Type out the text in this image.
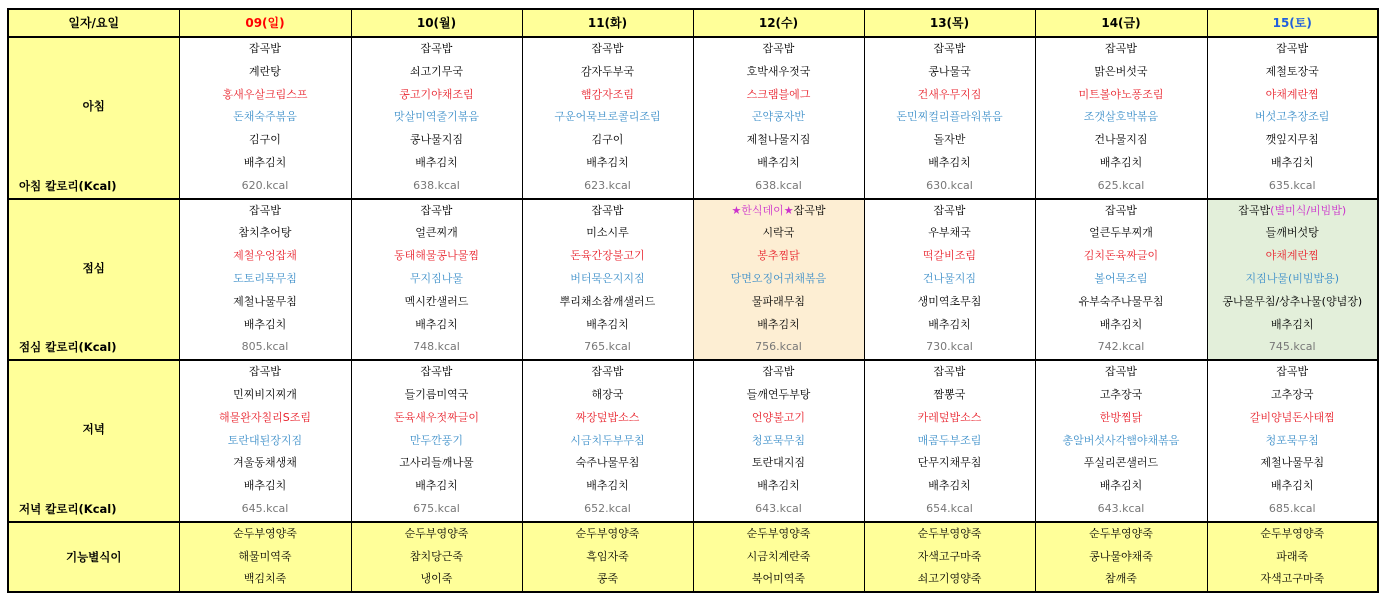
일자/요일	09(일)	10(월)	11(화)	12(수)	13(목)	14(금)	15(토)
아침	잡곡밥	잡곡밥	잡곡밥	잡곡밥	잡곡밥	잡곡밥	잡곡밥
	계란탕	쇠고기무국	감자두부국	호박새우젓국	콩나물국	맑은버섯국	제철토장국
	홍새우살크림스프	콩고기야채조림	햄감자조림	스크램블에그	건새우무지짐	미트볼야노퐁조림	야채계란찜
	돈채숙주볶음	맛살미역줄기볶음	구운어묵브로콜리조림	곤약콩자반	돈민찌컬리플라워볶음	조갯살호박볶음	버섯고추장조림
	김구이	콩나물지짐	김구이	제철나물지짐	돌자반	건나물지짐	깻잎지무침
	배추김치	배추김치	배추김치	배추김치	배추김치	배추김치	배추김치
아침 칼로리(Kcal)	620.kcal	638.kcal	623.kcal	638.kcal	630.kcal	625.kcal	635.kcal
점심	잡곡밥	잡곡밥	잡곡밥	★한식데이★잡곡밥	잡곡밥	잡곡밥	잡곡밥(별미식/비빔밥)
	참치추어탕	얼큰찌개	미소시루	시락국	우부채국	얼큰두부찌개	들깨버섯탕
	제철우엉잡채	동태해물콩나물찜	돈육간장불고기	봉추찜닭	떡갈비조림	김치돈육짜글이	야채계란찜
	도토리묵무침	무지짐나물	버터묵은지지짐	당면오징어귀채볶음	건나물지짐	볼어묵조림	지짐나물(비빔밥용)
	제철나물무침	멕시칸샐러드	뿌리채소참깨샐러드	물파래무침	생미역초무침	유부숙주나물무침	콩나물무침/상추나물(양념장)
	배추김치	배추김치	배추김치	배추김치	배추김치	배추김치	배추김치
점심 칼로리(Kcal)	805.kcal	748.kcal	765.kcal	756.kcal	730.kcal	742.kcal	745.kcal
저녁	잡곡밥	잡곡밥	잡곡밥	잡곡밥	잡곡밥	잡곡밥	잡곡밥
	민찌비지찌개	들기름미역국	해장국	들깨연두부탕	짬뽕국	고추장국	고추장국
	해물완자칠리S조림	돈육새우젓짜글이	짜장덮밥소스	언양불고기	카레덮밥소스	한방찜닭	갈비양념돈사태찜
	토란대된장지짐	만두깐풍기	시금치두부무침	청포묵무침	매콤두부조림	총알버섯사각햄야채볶음	청포묵무침
	겨울동채생채	고사리들깨나물	숙주나물무침	토란대지짐	단무지채무침	푸실리콘샐러드	제철나물무침
	배추김치	배추김치	배추김치	배추김치	배추김치	배추김치	배추김치
저녁 칼로리(Kcal)	645.kcal	675.kcal	652.kcal	643.kcal	654.kcal	643.kcal	685.kcal
기능별식이	순두부영양죽	순두부영양죽	순두부영양죽	순두부영양죽	순두부영양죽	순두부영양죽	순두부영양죽
	해물미역죽	참치당근죽	흑임자죽	시금치계란죽	자색고구마죽	콩나물야채죽	파래죽
	백김치죽	냉이죽	콩죽	북어미역죽	쇠고기영양죽	참깨죽	자색고구마죽
